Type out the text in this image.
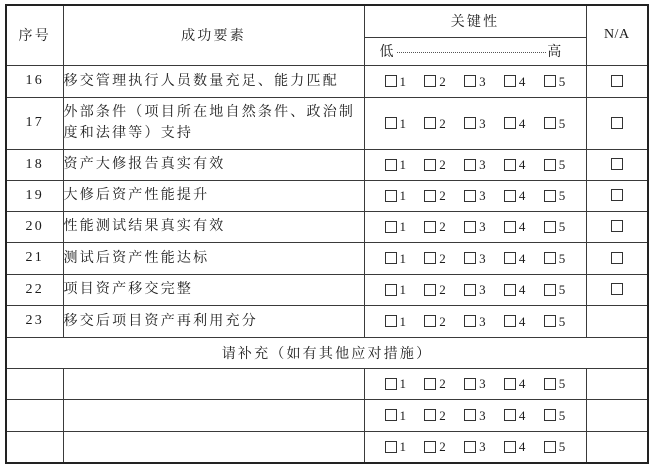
序号	成功要素	关键性	N/A

		低 高	

16	移交管理执行人员数量充足、能力匹配	1 2 3 4 5	

17	外部条件（项目所在地自然条件、政治制度和法律等）支持	1 2 3 4 5	

18	资产大修报告真实有效	1 2 3 4 5	

19	大修后资产性能提升	1 2 3 4 5	

20	性能测试结果真实有效	1 2 3 4 5	

21	测试后资产性能达标	1 2 3 4 5	

22	项目资产移交完整	1 2 3 4 5	

23	移交后项目资产再利用充分	1 2 3 4 5	

请补充（如有其他应对措施）			

		1 2 3 4 5	

		1 2 3 4 5	

		1 2 3 4 5	
